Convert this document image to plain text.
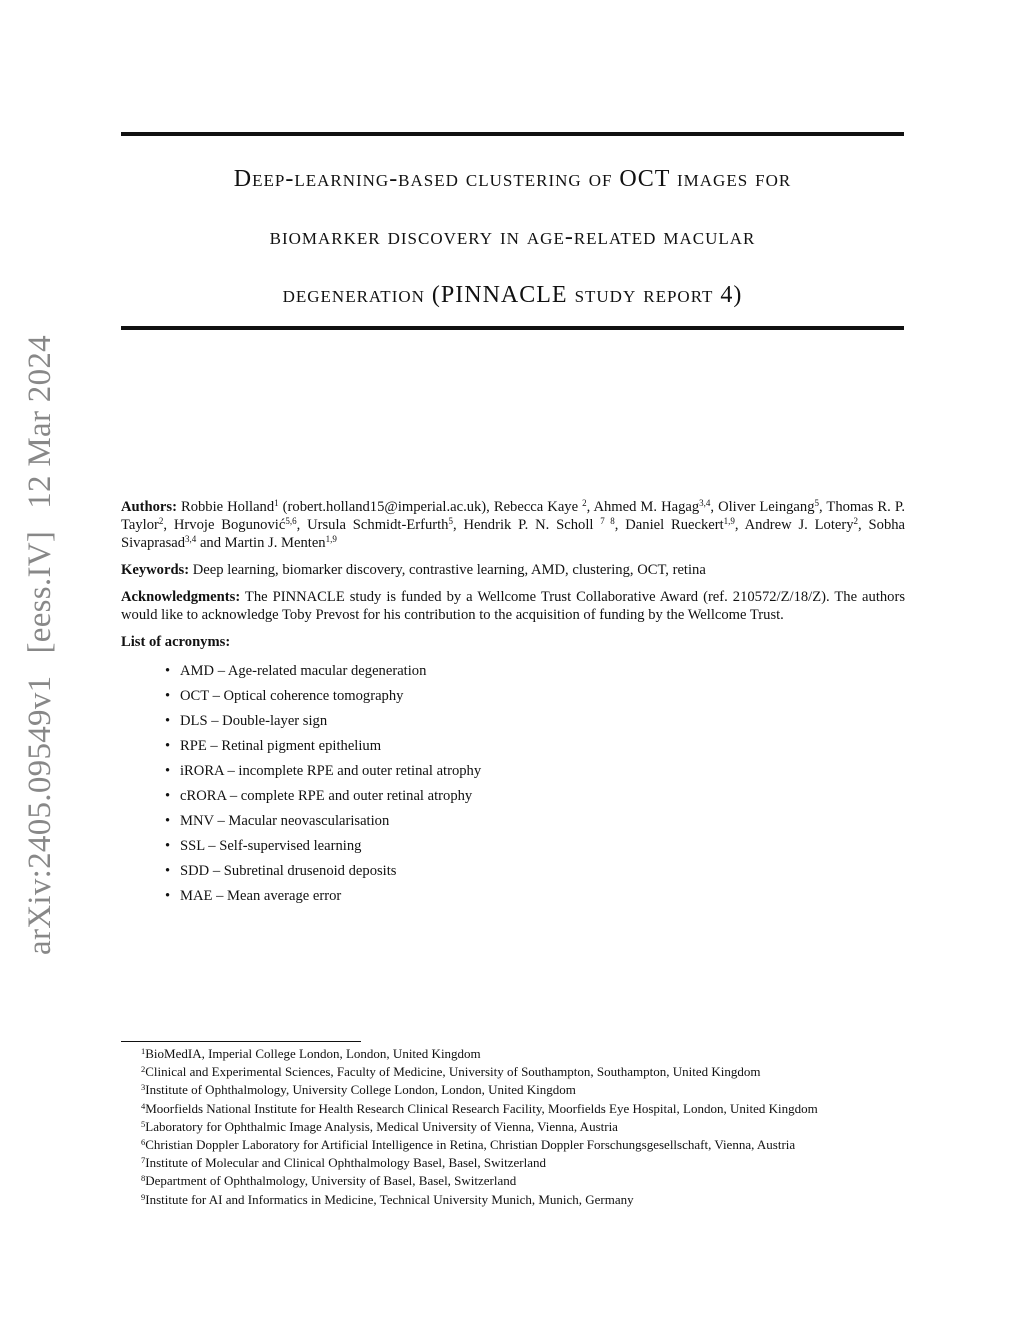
arXiv:2405.09549v1[eess.IV]12 Mar 2024
Deep-learning-based clustering of OCT images for
biomarker discovery in age-related macular
degeneration (PINNACLE study report 4)

Authors: Robbie Holland$^1$ (robert.holland15@imperial.ac.uk), Rebecca Kaye $^2$, Ahmed M. Hagag$^{3,4}$, Oliver Leingang$^5$, Thomas R. P. Taylor$^2$, Hrvoje Bogunović$^{5,6}$, Ursula Schmidt-Erfurth$^5$, Hendrik P. N. Scholl $^{7 8}$, Daniel Rueckert$^{1,9}$, Andrew J. Lotery$^2$, Sobha Sivaprasad$^{3,4}$ and Martin J. Menten$^{1,9}$

Keywords: Deep learning, biomarker discovery, contrastive learning, AMD, clustering, OCT, retina

Acknowledgments: The PINNACLE study is funded by a Wellcome Trust Collaborative Award (ref. 210572/Z/18/Z). The authors would like to acknowledge Toby Prevost for his contribution to the acquisition of funding by the Wellcome Trust.

List of acronyms:
• AMD – Age-related macular degeneration
• OCT – Optical coherence tomography
• DLS – Double-layer sign
• RPE – Retinal pigment epithelium
• iRORA – incomplete RPE and outer retinal atrophy
• cRORA – complete RPE and outer retinal atrophy
• MNV – Macular neovascularisation
• SSL – Self-supervised learning
• SDD – Subretinal drusenoid deposits
• MAE – Mean average error
$^1$BioMedIA, Imperial College London, London, United Kingdom
$^2$Clinical and Experimental Sciences, Faculty of Medicine, University of Southampton, Southampton, United Kingdom
$^3$Institute of Ophthalmology, University College London, London, United Kingdom
$^4$Moorfields National Institute for Health Research Clinical Research Facility, Moorfields Eye Hospital, London, United Kingdom
$^5$Laboratory for Ophthalmic Image Analysis, Medical University of Vienna, Vienna, Austria
$^6$Christian Doppler Laboratory for Artificial Intelligence in Retina, Christian Doppler Forschungsgesellschaft, Vienna, Austria
$^7$Institute of Molecular and Clinical Ophthalmology Basel, Basel, Switzerland
$^8$Department of Ophthalmology, University of Basel, Basel, Switzerland
$^9$Institute for AI and Informatics in Medicine, Technical University Munich, Munich, Germany
